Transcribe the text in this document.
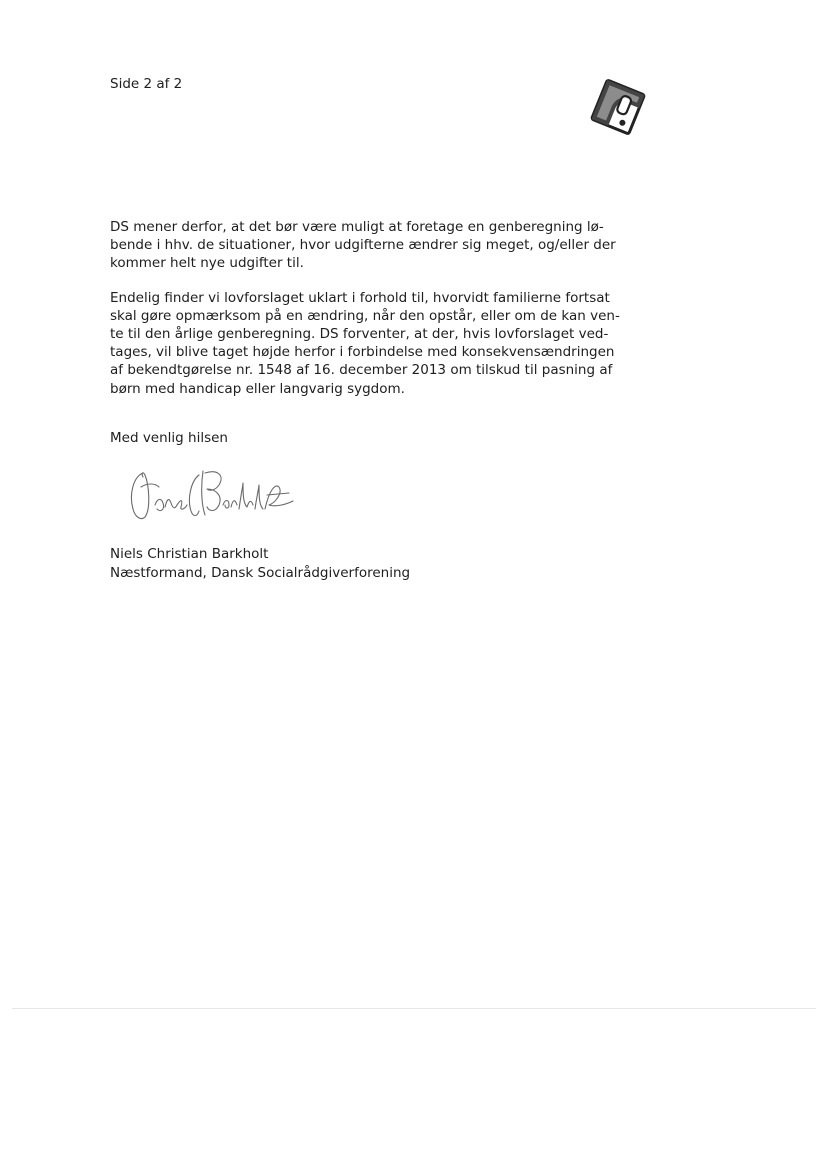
Side 2 af 2

DS mener derfor, at det bør være muligt at foretage en genberegning lø-
bende i hhv. de situationer, hvor udgifterne ændrer sig meget, og/eller der
kommer helt nye udgifter til.

Endelig finder vi lovforslaget uklart i forhold til, hvorvidt familierne fortsat
skal gøre opmærksom på en ændring, når den opstår, eller om de kan ven-
te til den årlige genberegning. DS forventer, at der, hvis lovforslaget ved-
tages, vil blive taget højde herfor i forbindelse med konsekvensændringen
af bekendtgørelse nr. 1548 af 16. december 2013 om tilskud til pasning af
børn med handicap eller langvarig sygdom.

Med venlig hilsen

Niels Christian Barkholt
Næstformand, Dansk Socialrådgiverforening
